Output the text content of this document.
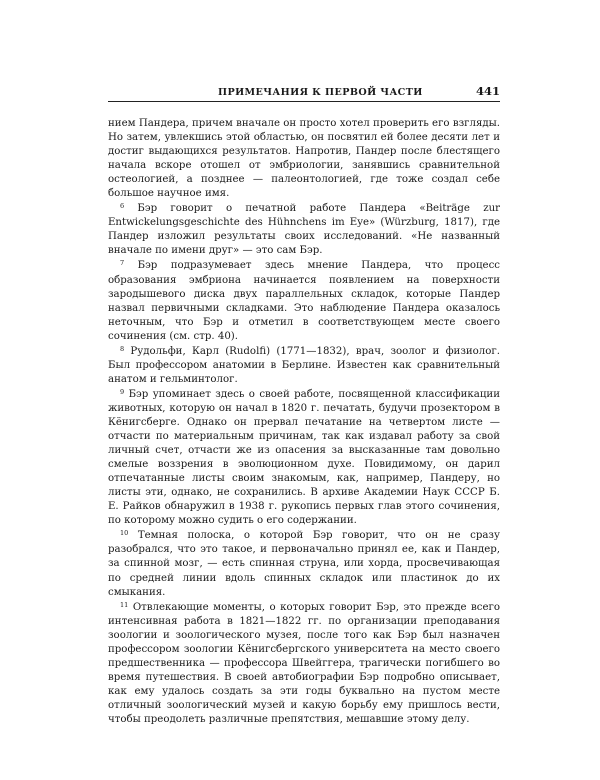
ПРИМЕЧАНИЯ К ПЕРВОЙ ЧАСТИ	441

нием Пандера, причем вначале он просто хотел проверить его взгляды. Но затем, увлекшись этой областью, он посвятил ей более десяти лет и достиг выдающихся результатов. Напротив, Пандер после блестящего начала вскоре отошел от эмбриологии, занявшись сравнительной остеологией, а позднее — палеонтологией, где тоже создал себе большое научное имя.

$^6$ Бэр говорит о печатной работе Пандера «Beiträge zur Entwickelungsgeschichte des Hühnchens im Eye» (Würzburg, 1817), где Пандер изложил результаты своих исследований. «Не названный вначале по имени друг» — это сам Бэр.

$^7$ Бэр подразумевает здесь мнение Пандера, что процесс образования эмбриона начинается появлением на поверхности зародышевого диска двух параллельных складок, которые Пандер назвал первичными складками. Это наблюдение Пандера оказалось неточным, что Бэр и отметил в соответствующем месте своего сочинения (см. стр. 40).

$^8$ Рудольфи, Карл (Rudolfi) (1771—1832), врач, зоолог и физиолог. Был профессором анатомии в Берлине. Известен как сравнительный анатом и гельминтолог.

$^9$ Бэр упоминает здесь о своей работе, посвященной классификации животных, которую он начал в 1820 г. печатать, будучи прозектором в Кёнигсберге. Однако он прервал печатание на четвертом листе — отчасти по материальным причинам, так как издавал работу за свой личный счет, отчасти же из опасения за высказанные там довольно смелые воззрения в эволюционном духе. Повидимому, он дарил отпечатанные листы своим знакомым, как, например, Пандеру, но листы эти, однако, не сохранились. В архиве Академии Наук СССР Б. Е. Райков обнаружил в 1938 г. рукопись первых глав этого сочинения, по которому можно судить о его содержании.

$^{10}$ Темная полоска, о которой Бэр говорит, что он не сразу разобрался, что это такое, и первоначально принял ее, как и Пандер, за спинной мозг, — есть спинная струна, или хорда, просвечивающая по средней линии вдоль спинных складок или пластинок до их смыкания.

$^{11}$ Отвлекающие моменты, о которых говорит Бэр, это прежде всего интенсивная работа в 1821—1822 гг. по организации преподавания зоологии и зоологического музея, после того как Бэр был назначен профессором зоологии Кёнигсбергского университета на место своего предшественника — профессора Швейггера, трагически погибшего во время путешествия. В своей автобиографии Бэр подробно описывает, как ему удалось создать за эти годы буквально на пустом месте отличный зоологический музей и какую борьбу ему пришлось вести, чтобы преодолеть различные препятствия, мешавшие этому делу.
